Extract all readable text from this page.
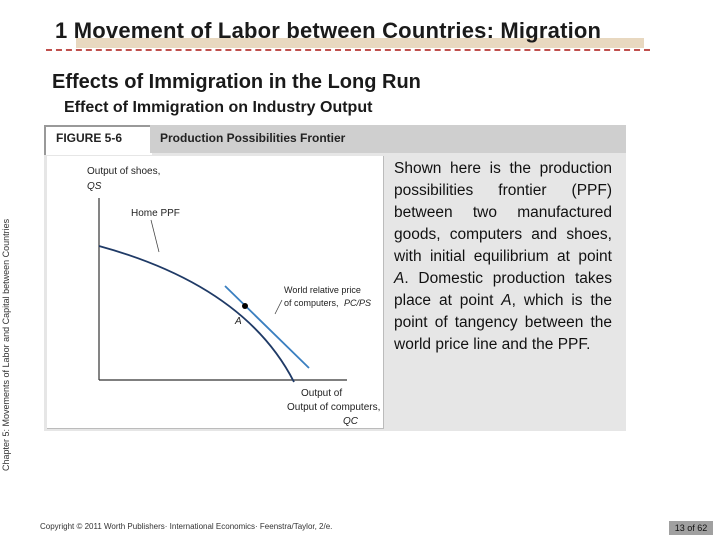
1 Movement of Labor between Countries: Migration
Chapter 5: Movements of Labor and Capital between Countries
Effects of Immigration in the Long Run
Effect of Immigration on Industry Output
FIGURE 5-6	Production Possibilities Frontier
Output of shoes,
QS
Home PPF
A
World relative price
of computers, PC/PS
Output of
Output of computers,
QC
Shown here is the production possibilities frontier (PPF) between two manufactured goods, computers and shoes, with initial equilibrium at point A. Domestic production takes place at point A, which is the point of tangency between the world price line and the PPF.
Copyright © 2011 Worth Publishers· International Economics· Feenstra/Taylor, 2/e.	13 of 62
